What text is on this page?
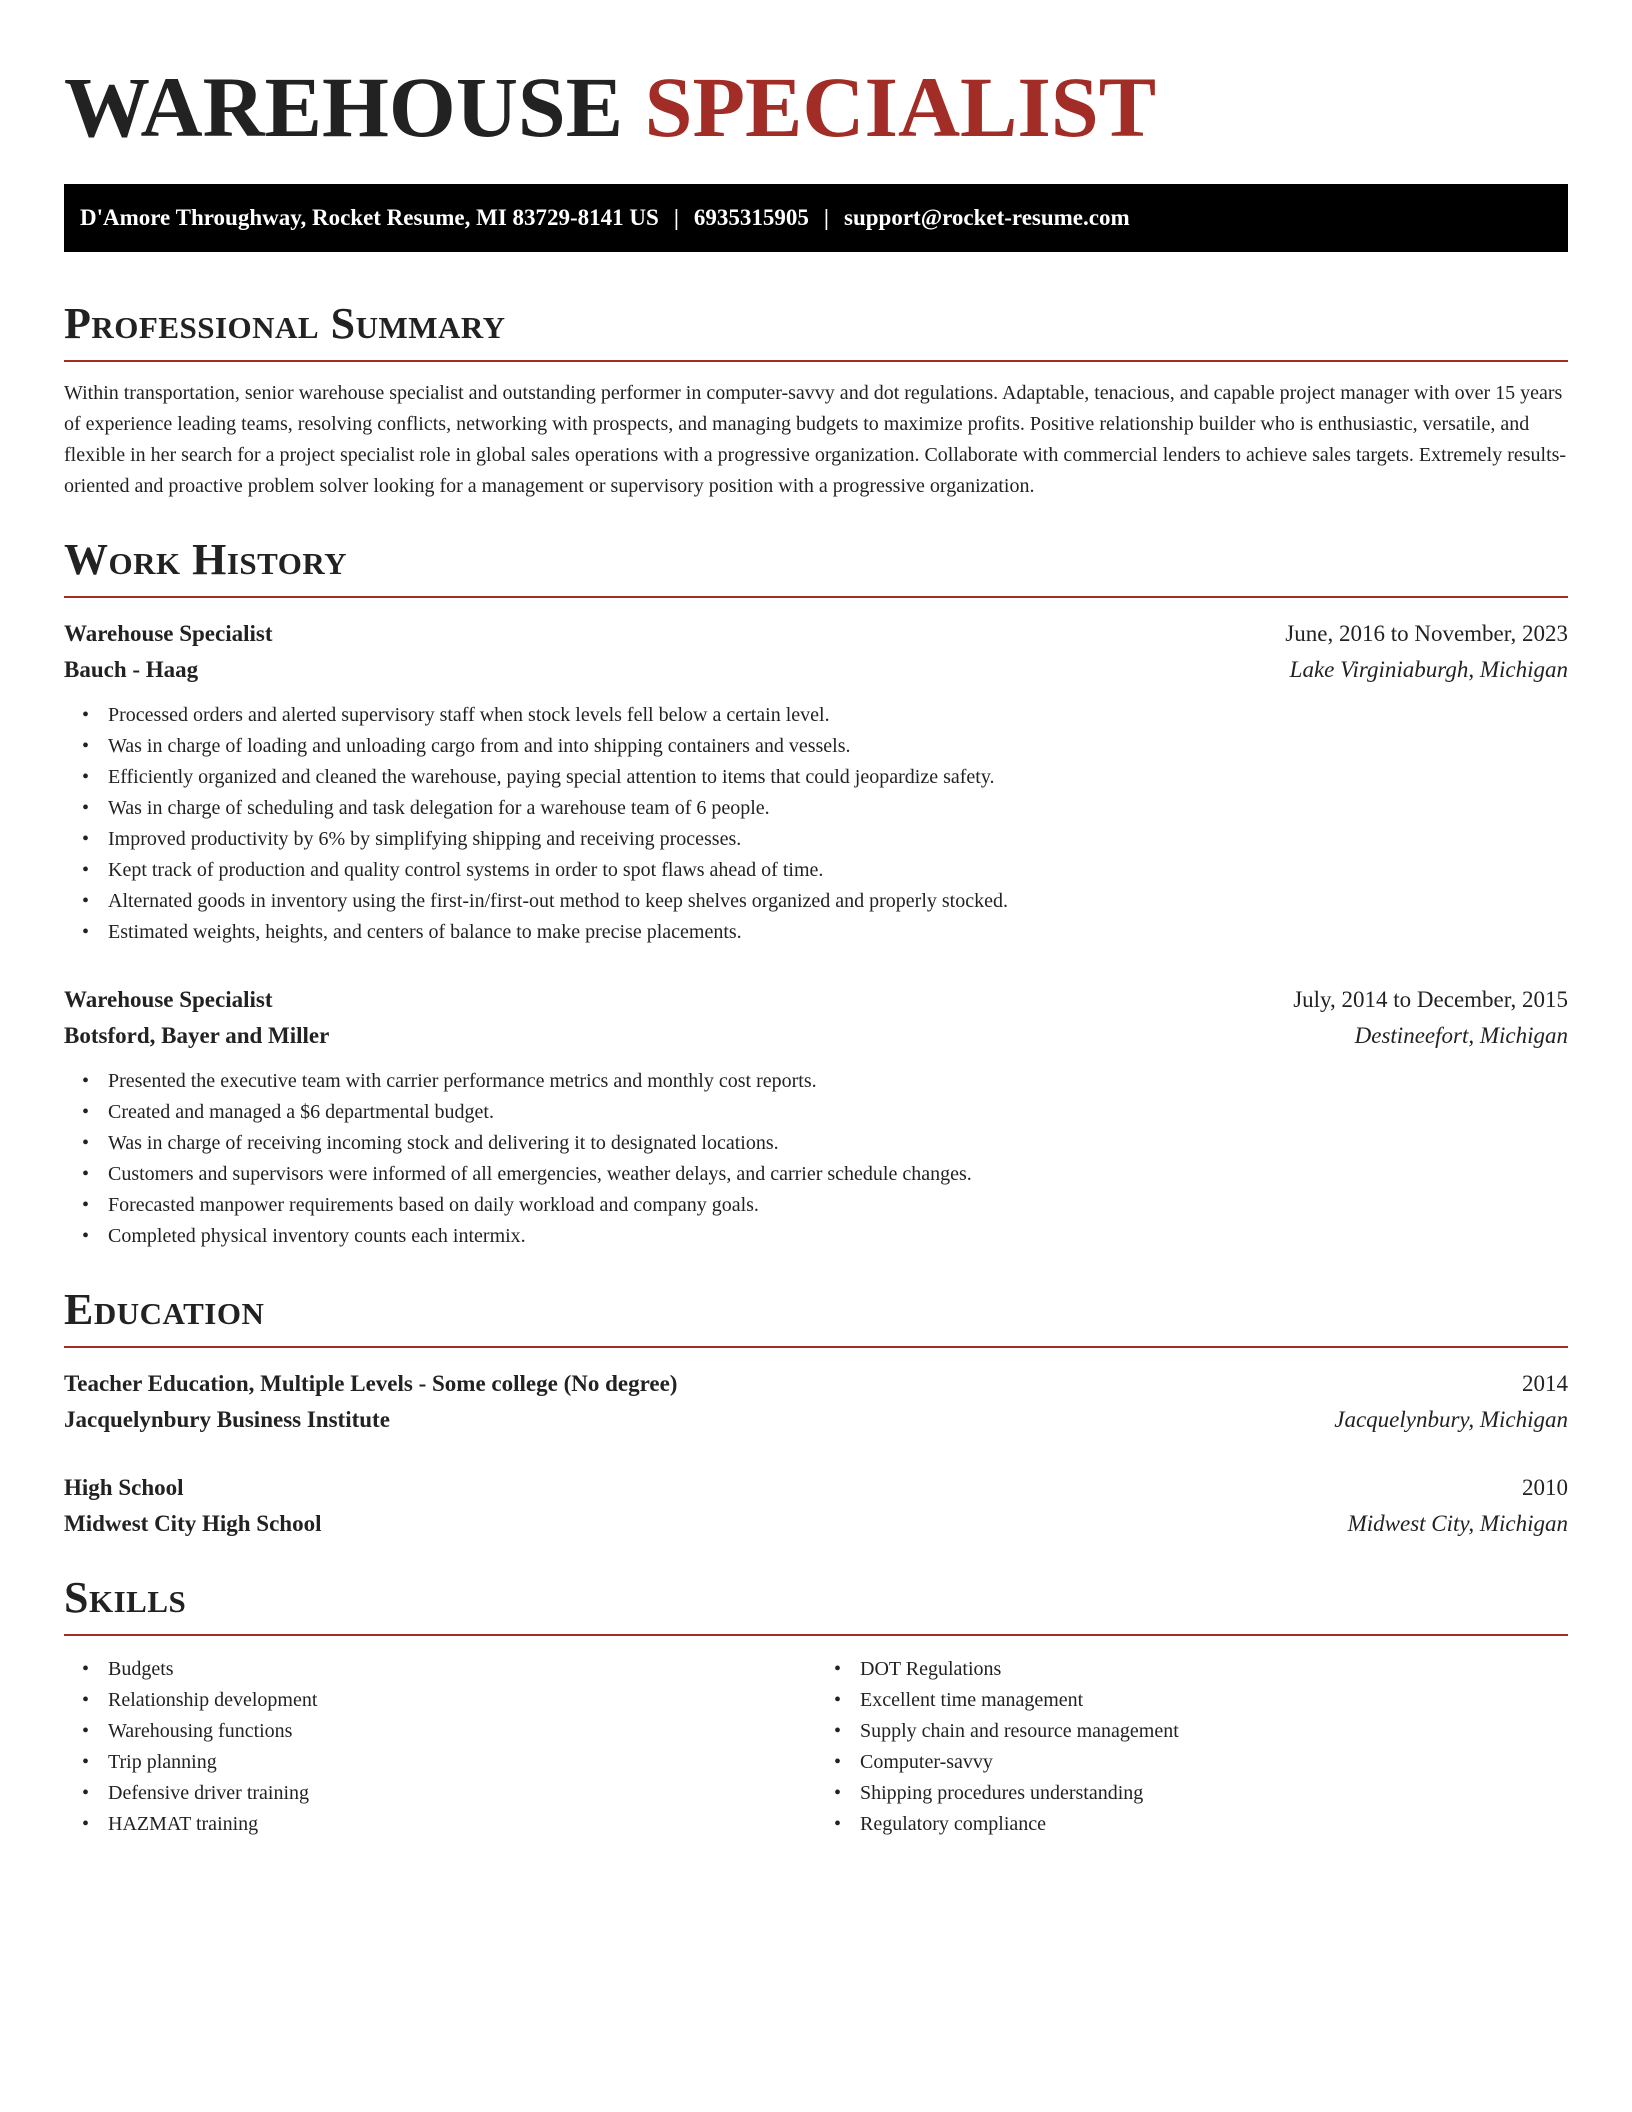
WAREHOUSE SPECIALIST
D'Amore Throughway, Rocket Resume, MI 83729-8141 US | 6935315905 | support@rocket-resume.com
Professional Summary

Within transportation, senior warehouse specialist and outstanding performer in computer-savvy and dot regulations. Adaptable, tenacious, and capable project manager with over 15 years of experience leading teams, resolving conflicts, networking with prospects, and managing budgets to maximize profits. Positive relationship builder who is enthusiastic, versatile, and flexible in her search for a project specialist role in global sales operations with a progressive organization. Collaborate with commercial lenders to achieve sales targets. Extremely results-oriented and proactive problem solver looking for a management or supervisory position with a progressive organization.

Work History
Warehouse Specialist	June, 2016 to November, 2023
Bauch - Haag	Lake Virginiaburgh, Michigan
• Processed orders and alerted supervisory staff when stock levels fell below a certain level.
• Was in charge of loading and unloading cargo from and into shipping containers and vessels.
• Efficiently organized and cleaned the warehouse, paying special attention to items that could jeopardize safety.
• Was in charge of scheduling and task delegation for a warehouse team of 6 people.
• Improved productivity by 6% by simplifying shipping and receiving processes.
• Kept track of production and quality control systems in order to spot flaws ahead of time.
• Alternated goods in inventory using the first-in/first-out method to keep shelves organized and properly stocked.
• Estimated weights, heights, and centers of balance to make precise placements.
Warehouse Specialist	July, 2014 to December, 2015
Botsford, Bayer and Miller	Destineefort, Michigan
• Presented the executive team with carrier performance metrics and monthly cost reports.
• Created and managed a $6 departmental budget.
• Was in charge of receiving incoming stock and delivering it to designated locations.
• Customers and supervisors were informed of all emergencies, weather delays, and carrier schedule changes.
• Forecasted manpower requirements based on daily workload and company goals.
• Completed physical inventory counts each intermix.
Education
Teacher Education, Multiple Levels - Some college (No degree)	2014
Jacquelynbury Business Institute	Jacquelynbury, Michigan
High School	2010
Midwest City High School	Midwest City, Michigan
Skills
• Budgets
• Relationship development
• Warehousing functions
• Trip planning
• Defensive driver training
• HAZMAT training
• DOT Regulations
• Excellent time management
• Supply chain and resource management
• Computer-savvy
• Shipping procedures understanding
• Regulatory compliance
